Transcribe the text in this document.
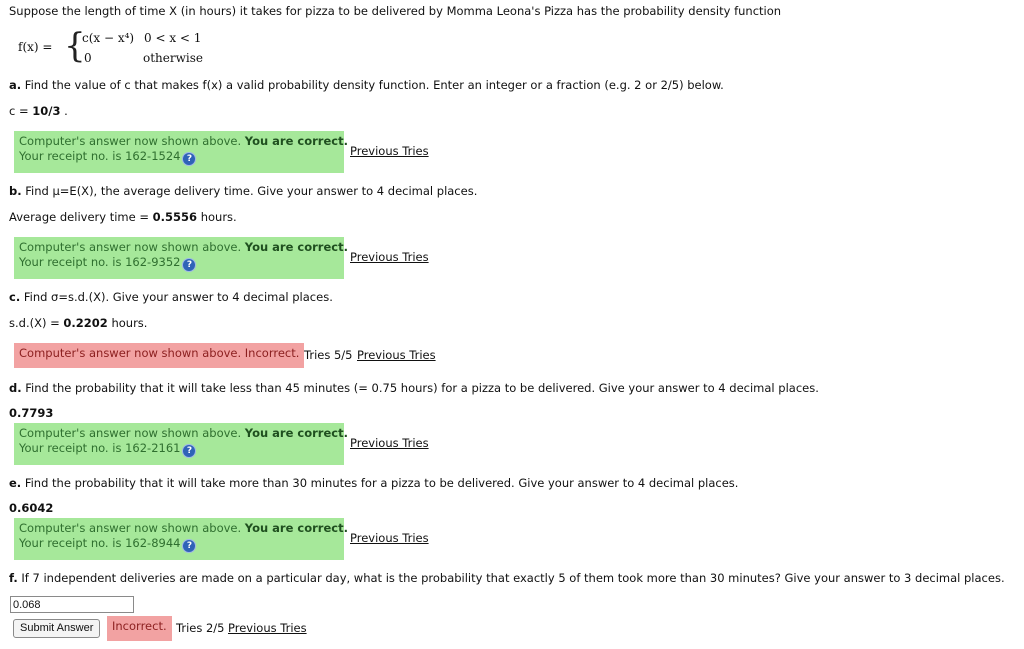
Suppose the length of time X (in hours) it takes for pizza to be delivered by Momma Leona's Pizza has the probability density function
f(x) = {
c(x − x⁴) 0 < x < 1
0	otherwise
a. Find the value of c that makes f(x) a valid probability density function. Enter an integer or a fraction (e.g. 2 or 2/5) below.
c = 10/3 .
Computer's answer now shown above. You are correct.
Your receipt no. is 162-1524 ?
Previous Tries
b. Find μ=E(X), the average delivery time. Give your answer to 4 decimal places.
Average delivery time = 0.5556 hours.
Computer's answer now shown above. You are correct.
Your receipt no. is 162-9352 ?
Previous Tries
c. Find σ=s.d.(X). Give your answer to 4 decimal places.
s.d.(X) = 0.2202 hours.
Computer's answer now shown above. Incorrect. Tries 5/5 Previous Tries
d. Find the probability that it will take less than 45 minutes (= 0.75 hours) for a pizza to be delivered. Give your answer to 4 decimal places.
0.7793
Computer's answer now shown above. You are correct.
Your receipt no. is 162-2161 ?
Previous Tries
e. Find the probability that it will take more than 30 minutes for a pizza to be delivered. Give your answer to 4 decimal places.
0.6042
Computer's answer now shown above. You are correct.
Your receipt no. is 162-8944 ?
Previous Tries
f. If 7 independent deliveries are made on a particular day, what is the probability that exactly 5 of them took more than 30 minutes? Give your answer to 3 decimal places.
0.068
Submit Answer	Incorrect. Tries 2/5 Previous Tries
